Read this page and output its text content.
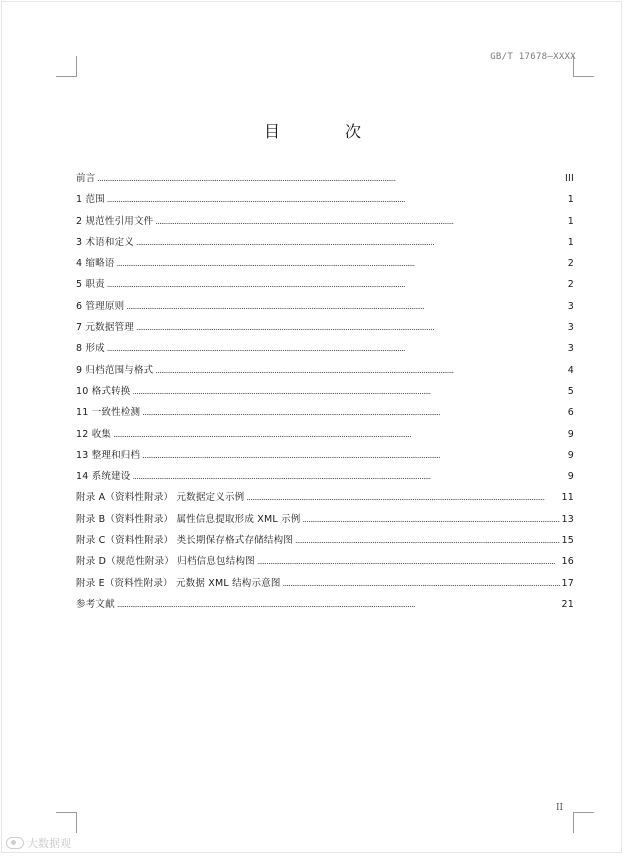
GB/T 17678—XXXX
目 次
前言 . . .	III
1 范围 . . .	1
2 规范性引用文件 . . .	1
3 术语和定义 . . .	1
4 缩略语 . . .	2
5 职责 . . .	2
6 管理原则 . . .	3
7 元数据管理 . . .	3
8 形成 . . .	3
9 归档范围与格式 . . .	4
10 格式转换 . . .	5
11 一致性检测 . . .	6
12 收集 . . .	9
13 整理和归档 . . .	9
14 系统建设 . . .	9
附录 A（资料性附录） 元数据定义示例 . . .	11
附录 B（资料性附录） 属性信息提取形成 XML 示例 . . .	13
附录 C（资料性附录） 类长期保存格式存储结构图 . . .	15
附录 D（规范性附录） 归档信息包结构图 . . .	16
附录 E（资料性附录） 元数据 XML 结构示意图 . . .	17
参考文献 . . .	21
II
大数据观
